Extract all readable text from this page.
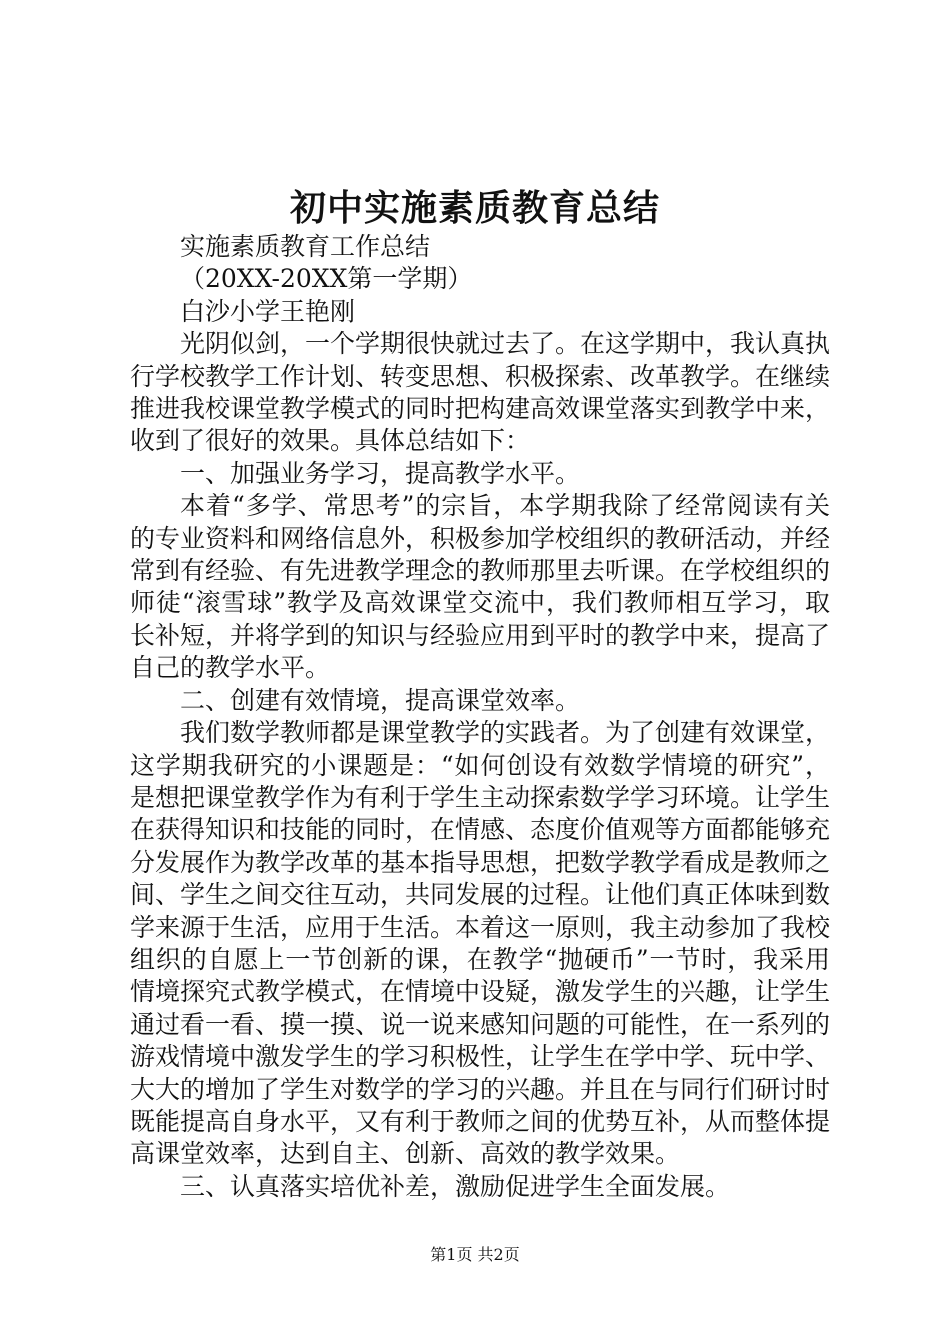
初中实施素质教育总结

实施素质教育工作总结

（20XX-20XX第一学期）

白沙小学王艳刚

光阴似剑，一个学期很快就过去了。在这学期中，我认真执行学校教学工作计划、转变思想、积极探索、改革教学。在继续推进我校课堂教学模式的同时把构建高效课堂落实到教学中来，收到了很好的效果。具体总结如下：

一、加强业务学习，提高教学水平。

本着“多学、常思考”的宗旨，本学期我除了经常阅读有关的专业资料和网络信息外，积极参加学校组织的教研活动，并经常到有经验、有先进教学理念的教师那里去听课。在学校组织的师徒“滚雪球”教学及高效课堂交流中，我们教师相互学习，取长补短，并将学到的知识与经验应用到平时的教学中来，提高了自己的教学水平。

二、创建有效情境，提高课堂效率。

我们数学教师都是课堂教学的实践者。为了创建有效课堂，这学期我研究的小课题是：“如何创设有效数学情境的研究”，是想把课堂教学作为有利于学生主动探索数学学习环境。让学生在获得知识和技能的同时，在情感、态度价值观等方面都能够充分发展作为教学改革的基本指导思想，把数学教学看成是教师之间、学生之间交往互动，共同发展的过程。让他们真正体味到数学来源于生活，应用于生活。本着这一原则，我主动参加了我校组织的自愿上一节创新的课，在教学“抛硬币”一节时，我采用情境探究式教学模式，在情境中设疑，激发学生的兴趣，让学生通过看一看、摸一摸、说一说来感知问题的可能性，在一系列的游戏情境中激发学生的学习积极性，让学生在学中学、玩中学、大大的增加了学生对数学的学习的兴趣。并且在与同行们研讨时既能提高自身水平，又有利于教师之间的优势互补，从而整体提高课堂效率，达到自主、创新、高效的教学效果。

三、认真落实培优补差，激励促进学生全面发展。

第1页 共2页
